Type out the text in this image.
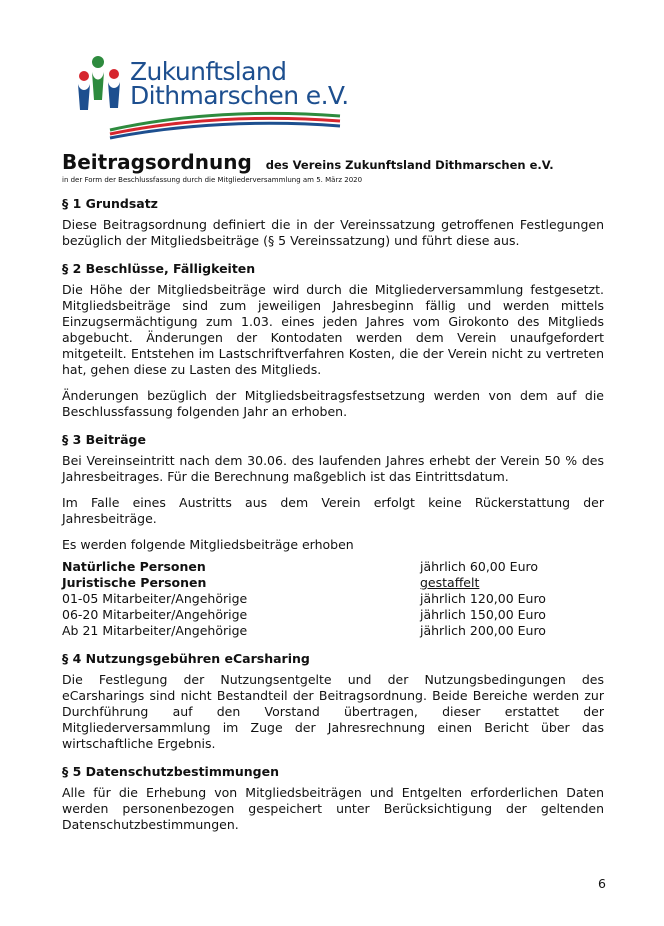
Zukunftsland
Dithmarschen e.V.
Beitragsordnung des Vereins Zukunftsland Dithmarschen e.V.
in der Form der Beschlussfassung durch die Mitgliederversammlung am 5. März 2020
§ 1 Grundsatz

Diese Beitragsordnung definiert die in der Vereinssatzung getroffenen Festlegungen bezüglich der Mitgliedsbeiträge (§ 5 Vereinssatzung) und führt diese aus.

§ 2 Beschlüsse, Fälligkeiten

Die Höhe der Mitgliedsbeiträge wird durch die Mitgliederversammlung festgesetzt. Mitgliedsbeiträge sind zum jeweiligen Jahresbeginn fällig und werden mittels Einzugsermächtigung zum 1.03. eines jeden Jahres vom Girokonto des Mitglieds abgebucht. Änderungen der Kontodaten werden dem Verein unaufgefordert mitgeteilt. Entstehen im Lastschriftverfahren Kosten, die der Verein nicht zu vertreten hat, gehen diese zu Lasten des Mitglieds.

Änderungen bezüglich der Mitgliedsbeitragsfestsetzung werden von dem auf die Beschlussfassung folgenden Jahr an erhoben.

§ 3 Beiträge

Bei Vereinseintritt nach dem 30.06. des laufenden Jahres erhebt der Verein 50 % des Jahresbeitrages. Für die Berechnung maßgeblich ist das Eintrittsdatum.

Im Falle eines Austritts aus dem Verein erfolgt keine Rückerstattung der Jahresbeiträge.

Es werden folgende Mitgliedsbeiträge erhoben

Natürliche Personen	jährlich 60,00 Euro
Juristische Personen	gestaffelt
01-05 Mitarbeiter/Angehörige	jährlich 120,00 Euro
06-20 Mitarbeiter/Angehörige	jährlich 150,00 Euro
Ab 21 Mitarbeiter/Angehörige	jährlich 200,00 Euro
§ 4 Nutzungsgebühren eCarsharing

Die Festlegung der Nutzungsentgelte und der Nutzungsbedingungen des eCarsharings sind nicht Bestandteil der Beitragsordnung. Beide Bereiche werden zur Durchführung auf den Vorstand übertragen, dieser erstattet der Mitgliederversammlung im Zuge der Jahresrechnung einen Bericht über das wirtschaftliche Ergebnis.

§ 5 Datenschutzbestimmungen

Alle für die Erhebung von Mitgliedsbeiträgen und Entgelten erforderlichen Daten werden personenbezogen gespeichert unter Berücksichtigung der geltenden Datenschutzbestimmungen.

6
